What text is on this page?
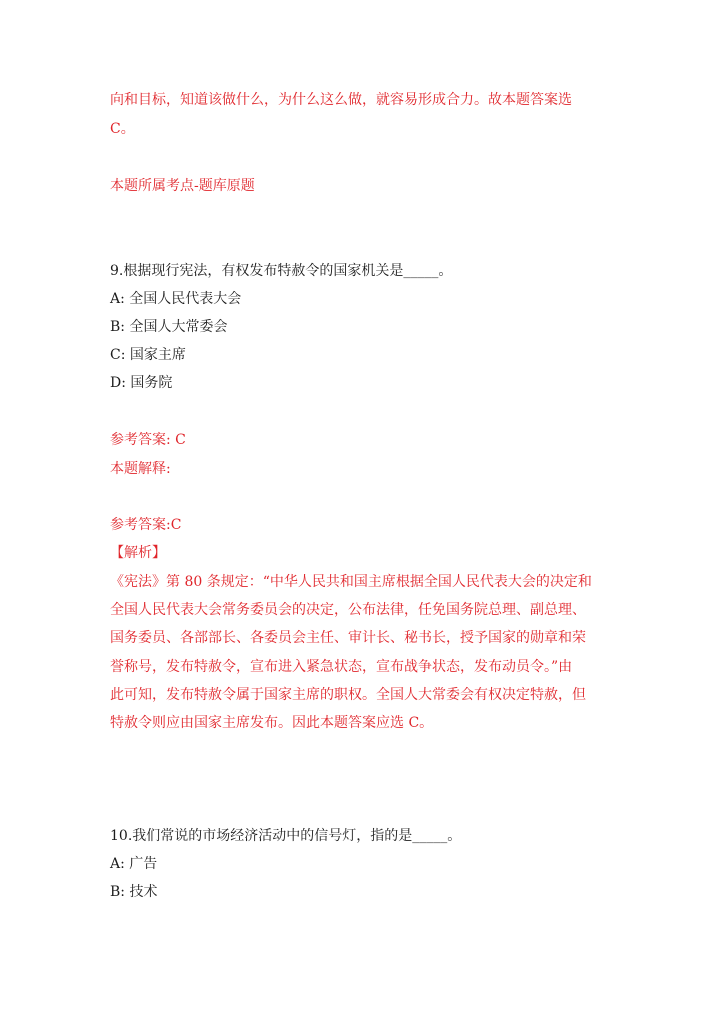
向和目标，知道该做什么，为什么这么做，就容易形成合力。故本题答案选
C。
本题所属考点-题库原题
9.根据现行宪法，有权发布特赦令的国家机关是_____。
A: 全国人民代表大会
B: 全国人大常委会
C: 国家主席
D: 国务院
参考答案: C
本题解释:
参考答案:C
【解析】
《宪法》第 80 条规定：“中华人民共和国主席根据全国人民代表大会的决定和
全国人民代表大会常务委员会的决定，公布法律，任免国务院总理、副总理、
国务委员、各部部长、各委员会主任、审计长、秘书长，授予国家的勋章和荣
誉称号，发布特赦令，宣布进入紧急状态，宣布战争状态，发布动员令。”由
此可知，发布特赦令属于国家主席的职权。全国人大常委会有权决定特赦，但
特赦令则应由国家主席发布。因此本题答案应选 C。
10.我们常说的市场经济活动中的信号灯，指的是_____。
A: 广告
B: 技术
